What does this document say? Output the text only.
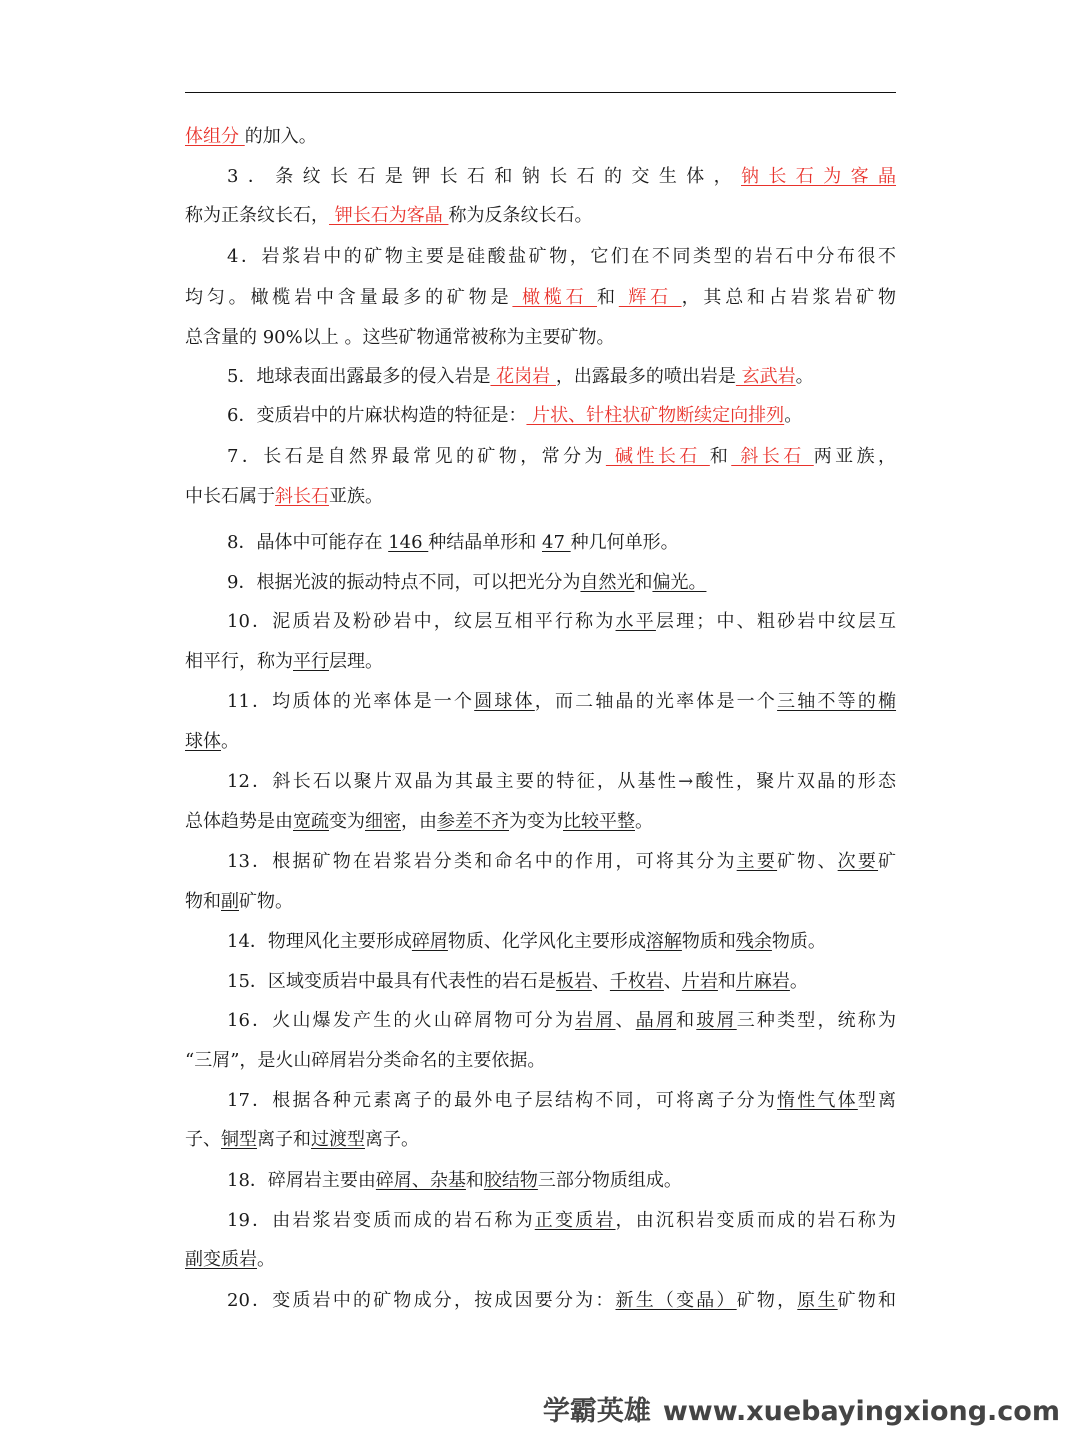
体组分 的加入。
3．条纹长石是钾长石和钠长石的交生体，钠长石为客晶
称为正条纹长石， 钾长石为客晶 称为反条纹长石。
4．岩浆岩中的矿物主要是硅酸盐矿物，它们在不同类型的岩石中分布很不
均匀。橄榄岩中含量最多的矿物是 橄榄石 和 辉石 ，其总和占岩浆岩矿物
总含量的 90%以上 。这些矿物通常被称为主要矿物。
5．地球表面出露最多的侵入岩是 花岗岩 ，出露最多的喷出岩是 玄武岩。
6．变质岩中的片麻状构造的特征是： 片状、针柱状矿物断续定向排列。
7．长石是自然界最常见的矿物，常分为 碱性长石 和 斜长石 两亚族，
中长石属于斜长石亚族。
8．晶体中可能存在 146 种结晶单形和 47 种几何单形。
9．根据光波的振动特点不同，可以把光分为自然光和偏光。
10．泥质岩及粉砂岩中，纹层互相平行称为水平层理；中、粗砂岩中纹层互
相平行，称为平行层理。
11．均质体的光率体是一个圆球体，而二轴晶的光率体是一个三轴不等的椭
球体。
12．斜长石以聚片双晶为其最主要的特征，从基性→酸性，聚片双晶的形态
总体趋势是由宽疏变为细密，由参差不齐为变为比较平整。
13．根据矿物在岩浆岩分类和命名中的作用，可将其分为主要矿物、次要矿
物和副矿物。
14．物理风化主要形成碎屑物质、化学风化主要形成溶解物质和残余物质。
15．区域变质岩中最具有代表性的岩石是板岩、千枚岩、片岩和片麻岩。
16．火山爆发产生的火山碎屑物可分为岩屑、晶屑和玻屑三种类型，统称为
“三屑”，是火山碎屑岩分类命名的主要依据。
17．根据各种元素离子的最外电子层结构不同，可将离子分为惰性气体型离
子、铜型离子和过渡型离子。
18．碎屑岩主要由碎屑、杂基和胶结物三部分物质组成。
19．由岩浆岩变质而成的岩石称为正变质岩，由沉积岩变质而成的岩石称为
副变质岩。
20．变质岩中的矿物成分，按成因要分为：新生（变晶）矿物，原生矿物和
学霸英雄 www.xuebayingxiong.com
